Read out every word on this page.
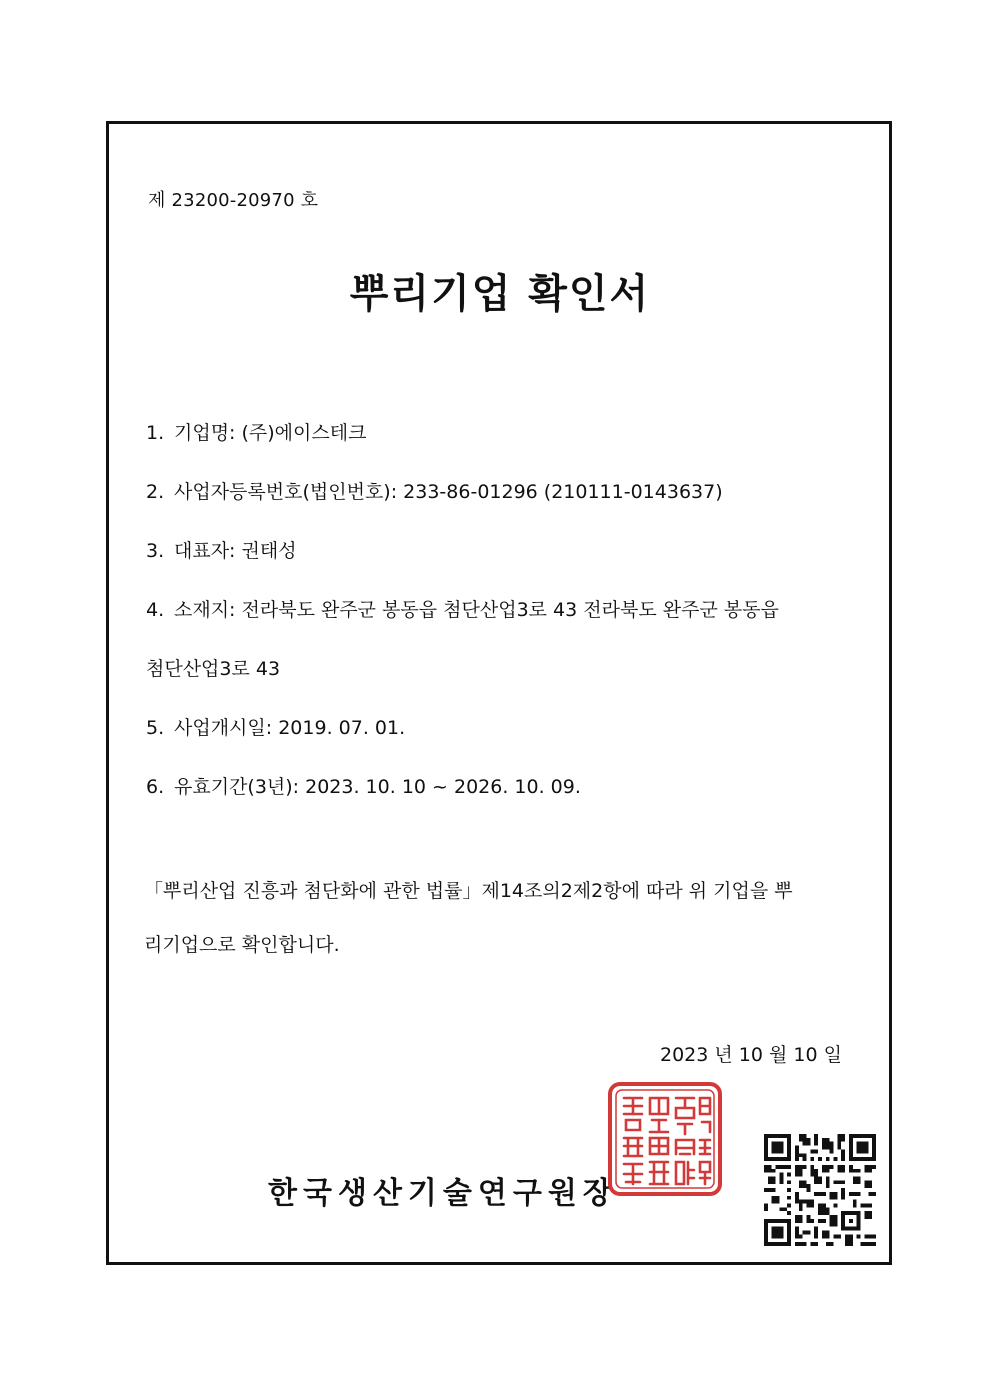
제 23200-20970 호
뿌리기업 확인서
1. 기업명: (주)에이스테크
2. 사업자등록번호(법인번호): 233-86-01296 (210111-0143637)
3. 대표자: 권태성
4. 소재지: 전라북도 완주군 봉동읍 첨단산업3로 43 전라북도 완주군 봉동읍
첨단산업3로 43
5. 사업개시일: 2019. 07. 01.
6. 유효기간(3년): 2023. 10. 10 ~ 2026. 10. 09.
「뿌리산업 진흥과 첨단화에 관한 법률」제14조의2제2항에 따라 위 기업을 뿌
리기업으로 확인합니다.
2023 년 10 월 10 일
한국생산기술연구원장
